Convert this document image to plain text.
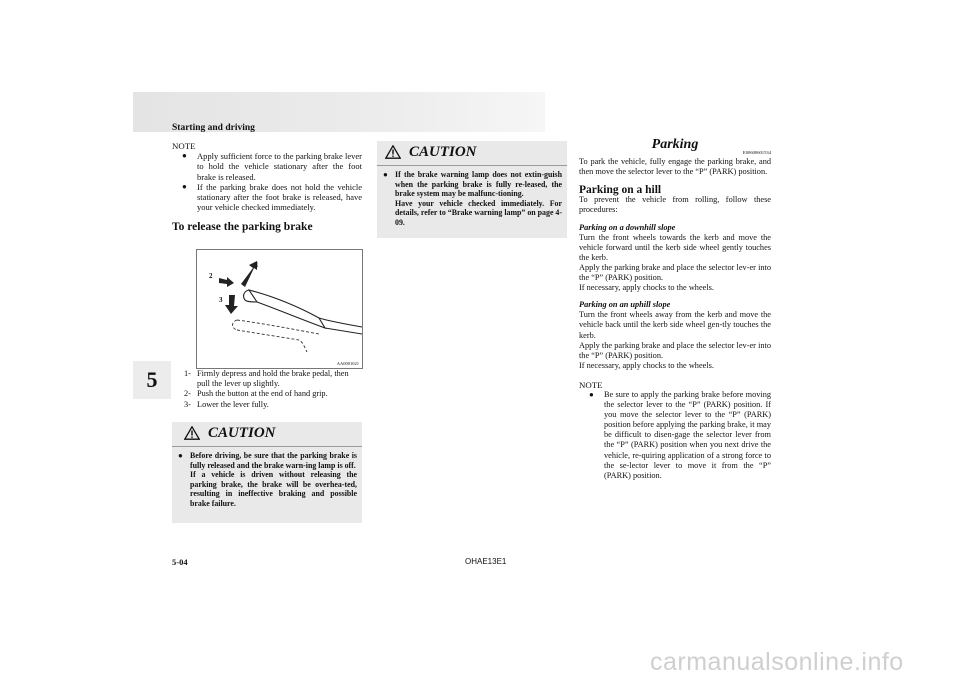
Starting and driving
5
NOTE
● Apply sufficient force to the parking brake lever to hold the vehicle stationary after the foot brake is released.
● If the parking brake does not hold the vehicle stationary after the foot brake is released, have your vehicle checked immediately.
To release the parking brake
1
2
3
AA0001021
1- Firmly depress and hold the brake pedal, then pull the lever up slightly.
2- Push the button at the end of hand grip.
3- Lower the lever fully.
CAUTION
● Before driving, be sure that the parking brake is fully released and the brake warn-ing lamp is off.
If a vehicle is driven without releasing the parking brake, the brake will be overhea-ted, resulting in ineffective braking and possible brake failure.
CAUTION
● If the brake warning lamp does not extin-guish when the parking brake is fully re-leased, the brake system may be malfunc-tioning.
Have your vehicle checked immediately. For details, refer to “Brake warning lamp” on page 4-09.
Parking
E00600601534
To park the vehicle, fully engage the parking brake, and then move the selector lever to the “P” (PARK) position.
Parking on a hill
To prevent the vehicle from rolling, follow these procedures:
Parking on a downhill slope
Turn the front wheels towards the kerb and move the vehicle forward until the kerb side wheel gently touches the kerb.
Apply the parking brake and place the selector lev-er into the “P” (PARK) position.
If necessary, apply chocks to the wheels.
Parking on an uphill slope
Turn the front wheels away from the kerb and move the vehicle back until the kerb side wheel gen-tly touches the kerb.
Apply the parking brake and place the selector lev-er into the “P” (PARK) position.
If necessary, apply chocks to the wheels.
NOTE
● Be sure to apply the parking brake before moving the selector lever to the “P” (PARK) position. If you move the selector lever to the “P” (PARK) position before applying the parking brake, it may be difficult to disen-gage the selector lever from the “P” (PARK) position when you next drive the vehicle, re-quiring application of a strong force to the se-lector lever to move it from the “P” (PARK) position.
5-04	OHAE13E1
carmanualsonline.info
